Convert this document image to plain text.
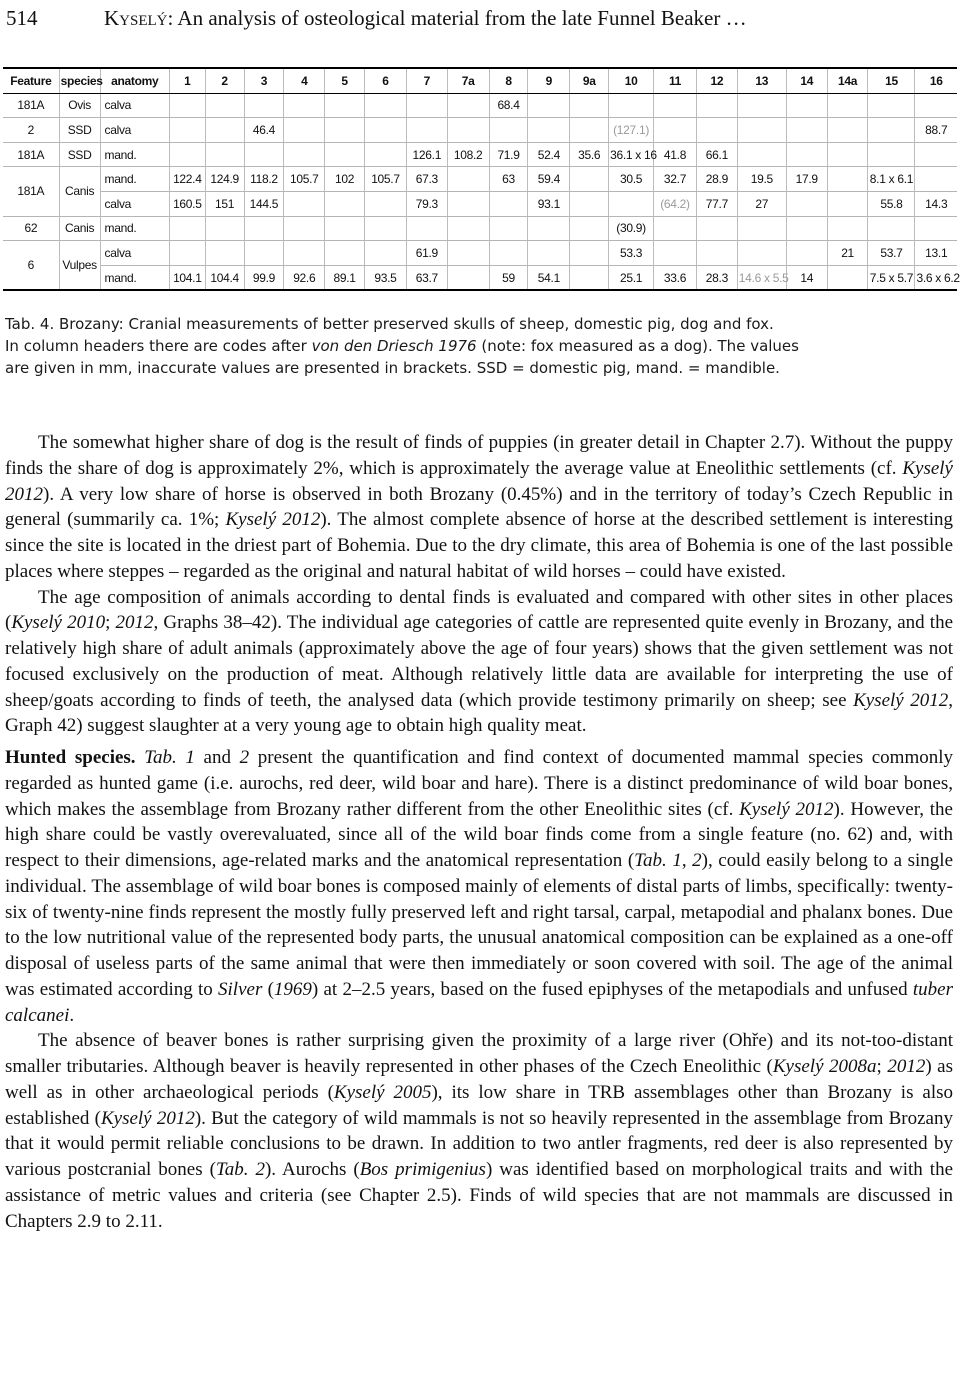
514	Kyselý: An analysis of osteological material from the late Funnel Beaker …
Feature	species	anatomy	1	2	3	4	5	6	7	7a	8	9	9a	10	11	12	13	14	14a	15	16
181A	Ovis	calva									68.4										
2	SSD	calva			46.4									(127.1)							88.7
181A	SSD	mand.							126.1	108.2	71.9	52.4	35.6	36.1 x 16	41.8	66.1					
181A	Canis	mand.	122.4	124.9	118.2	105.7	102	105.7	67.3		63	59.4		30.5	32.7	28.9	19.5	17.9		8.1 x 6.1	
		calva	160.5	151	144.5				79.3			93.1			(64.2)	77.7	27			55.8	14.3
62	Canis	mand.												(30.9)							
6	Vulpes	calva							61.9					53.3					21	53.7	13.1
		mand.	104.1	104.4	99.9	92.6	89.1	93.5	63.7		59	54.1		25.1	33.6	28.3	14.6 x 5.5	14		7.5 x 5.7	3.6 x 6.2
Tab. 4. Brozany: Cranial measurements of better preserved skulls of sheep, domestic pig, dog and fox.
In column headers there are codes after von den Driesch 1976 (note: fox measured as a dog). The values
are given in mm, inaccurate values are presented in brackets. SSD = domestic pig, mand. = mandible.

The somewhat higher share of dog is the result of finds of puppies (in greater detail in Chapter 2.7). Without the puppy finds the share of dog is approximately 2%, which is approximately the average value at Eneolithic settlements (cf. Kyselý 2012). A very low share of horse is observed in both Brozany (0.45%) and in the territory of today’s Czech Republic in general (summarily ca. 1%; Kyselý 2012). The almost complete absence of horse at the described settlement is interesting since the site is located in the driest part of Bohemia. Due to the dry climate, this area of Bohemia is one of the last possible places where steppes – regarded as the original and natural habitat of wild horses – could have existed.

The age composition of animals according to dental finds is evaluated and compared with other sites in other places (Kyselý 2010; 2012, Graphs 38–42). The individual age categories of cattle are represented quite evenly in Brozany, and the relatively high share of adult animals (approximately above the age of four years) shows that the given settlement was not focused exclusively on the production of meat. Although relatively little data are available for interpreting the use of sheep/goats according to finds of teeth, the analysed data (which provide testimony primarily on sheep; see Kyselý 2012, Graph 42) suggest slaughter at a very young age to obtain high quality meat.

Hunted species. Tab. 1 and 2 present the quantification and find context of documented mammal species commonly regarded as hunted game (i.e. aurochs, red deer, wild boar and hare). There is a distinct predominance of wild boar bones, which makes the assemblage from Brozany rather different from the other Eneolithic sites (cf. Kyselý 2012). However, the high share could be vastly overevaluated, since all of the wild boar finds come from a single feature (no. 62) and, with respect to their dimensions, age-related marks and the anatomical representation (Tab. 1, 2), could easily belong to a single individual. The assemblage of wild boar bones is composed mainly of elements of distal parts of limbs, specifically: twenty-six of twenty-nine finds represent the mostly fully preserved left and right tarsal, carpal, metapodial and phalanx bones. Due to the low nutritional value of the represented body parts, the unusual anatomical composition can be explained as a one-off disposal of useless parts of the same animal that were then immediately or soon covered with soil. The age of the animal was estimated according to Silver (1969) at 2–2.5 years, based on the fused epiphyses of the metapodials and unfused tuber calcanei.

The absence of beaver bones is rather surprising given the proximity of a large river (Ohře) and its not-too-distant smaller tributaries. Although beaver is heavily represented in other phases of the Czech Eneolithic (Kyselý 2008a; 2012) as well as in other archaeological periods (Kyselý 2005), its low share in TRB assemblages other than Brozany is also established (Kyselý 2012). But the category of wild mammals is not so heavily represented in the assemblage from Brozany that it would permit reliable conclusions to be drawn. In addition to two antler fragments, red deer is also represented by various postcranial bones (Tab. 2). Aurochs (Bos primigenius) was identified based on morphological traits and with the assistance of metric values and criteria (see Chapter 2.5). Finds of wild species that are not mammals are discussed in Chapters 2.9 to 2.11.
